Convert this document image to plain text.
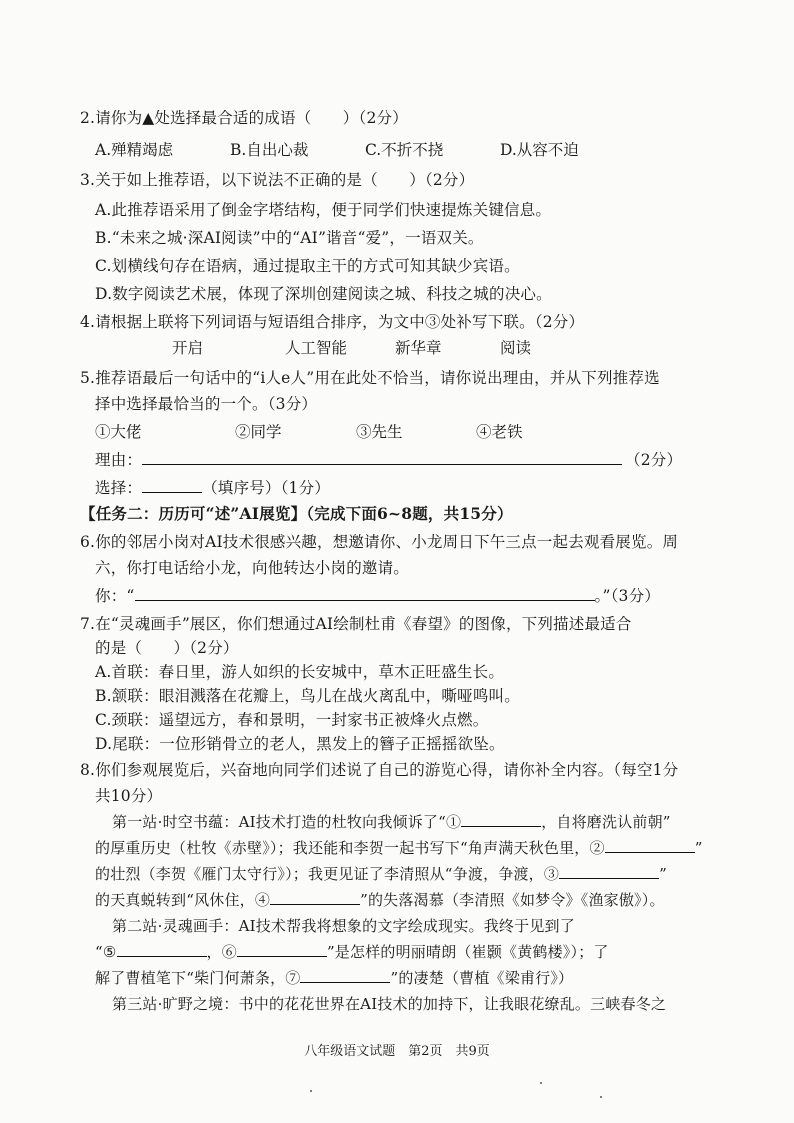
2.请你为▲处选择最合适的成语（　　）（2分）
A.殚精竭虑	B.自出心裁	C.不折不挠	D.从容不迫
3.关于如上推荐语，以下说法不正确的是（　　）（2分）
A.此推荐语采用了倒金字塔结构，便于同学们快速提炼关键信息。
B.“未来之城·深AI阅读”中的“AI”谐音“爱”，一语双关。
C.划横线句存在语病，通过提取主干的方式可知其缺少宾语。
D.数字阅读艺术展，体现了深圳创建阅读之城、科技之城的决心。
4.请根据上联将下列词语与短语组合排序，为文中③处补写下联。（2分）
开启	人工智能	新华章	阅读
5.推荐语最后一句话中的“i人e人”用在此处不恰当，请你说出理由，并从下列推荐选
择中选择最恰当的一个。（3分）
①大佬	②同学	③先生	④老铁
理由：	（2分）
选择：	（填序号）（1分）
【任务二：历历可“述”AI展览】（完成下面6~8题，共15分）
6.你的邻居小岗对AI技术很感兴趣，想邀请你、小龙周日下午三点一起去观看展览。周
六，你打电话给小龙，向他转达小岗的邀请。
你：“	。”（3分）
7.在“灵魂画手”展区，你们想通过AI绘制杜甫《春望》的图像，下列描述最适合
的是（　　）（2分）
A.首联：春日里，游人如织的长安城中，草木正旺盛生长。
B.颔联：眼泪溅落在花瓣上，鸟儿在战火离乱中，嘶哑鸣叫。
C.颈联：遥望远方，春和景明，一封家书正被烽火点燃。
D.尾联：一位形销骨立的老人，黑发上的簪子正摇摇欲坠。
8.你们参观展览后，兴奋地向同学们述说了自己的游览心得，请你补全内容。（每空1分
共10分）
第一站·时空书蕴：AI技术打造的杜牧向我倾诉了“①	，自将磨洗认前朝”
的厚重历史（杜牧《赤壁》）；我还能和李贺一起书写下“角声满天秋色里，②	”
的壮烈（李贺《雁门太守行》）；我更见证了李清照从“争渡，争渡，③	”
的天真蜕转到“风休住，④	”的失落渴慕（李清照《如梦令》《渔家傲》）。
第二站·灵魂画手：AI技术帮我将想象的文字绘成现实。我终于见到了
“⑤	，⑥	”是怎样的明丽晴朗（崔颢《黄鹤楼》）；了
解了曹植笔下“柴门何萧条，⑦	”的凄楚（曹植《梁甫行》）
第三站·旷野之境：书中的花花世界在AI技术的加持下，让我眼花缭乱。三峡春冬之
八年级语文试题　第2页　共9页
